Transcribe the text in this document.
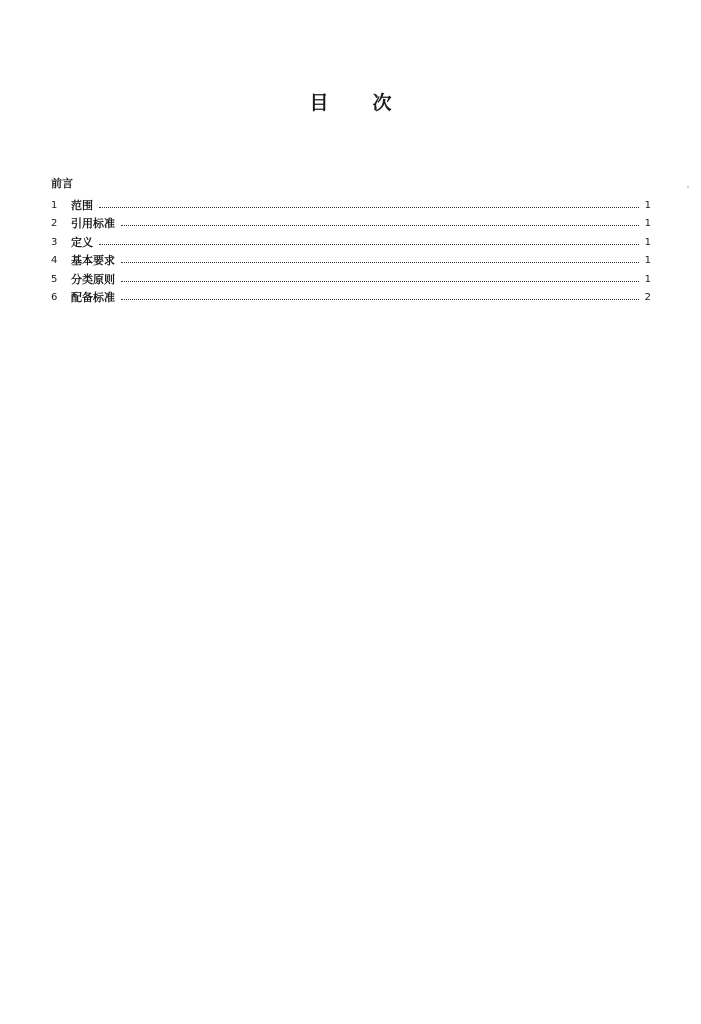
目 次
前言
1	范围	1
2	引用标准	1
3	定义	1
4	基本要求	1
5	分类原则	1
6	配备标准	2
